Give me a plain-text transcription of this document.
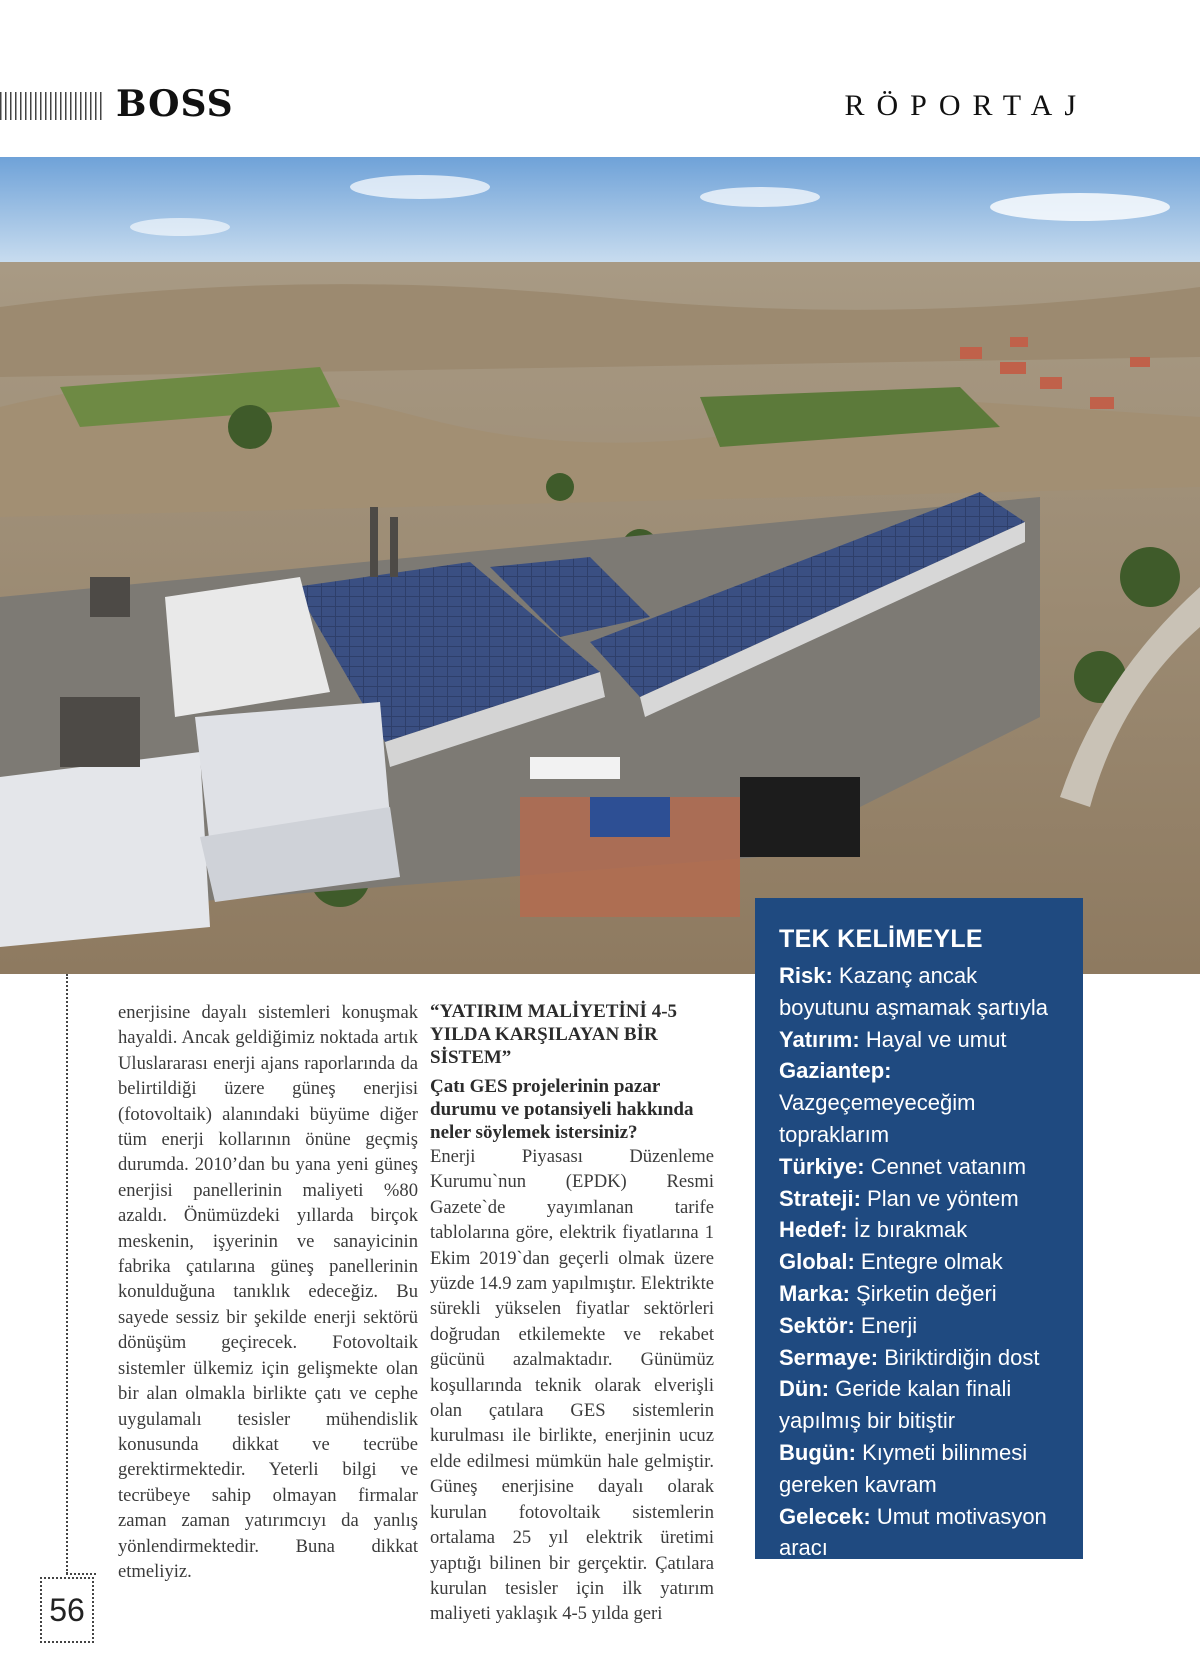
BOSS	RÖPORTAJ
56

enerjisine dayalı sistemleri konuşmak hayaldi. Ancak geldiğimiz noktada artık Uluslararası enerji ajans raporlarında da belirtildiği üzere güneş enerjisi (fotovoltaik) alanındaki büyüme diğer tüm enerji kollarının önüne geçmiş durumda. 2010’dan bu yana yeni güneş enerjisi panellerinin maliyeti %80 azaldı. Önümüzdeki yıllarda birçok meskenin, işyerinin ve sanayicinin fabrika çatılarına güneş panellerinin konulduğuna tanıklık edeceğiz. Bu sayede sessiz bir şekilde enerji sektörü dönüşüm geçirecek. Fotovoltaik sistemler ülkemiz için gelişmekte olan bir alan olmakla birlikte çatı ve cephe uygulamalı tesisler mühendislik konusunda dikkat ve tecrübe gerektirmektedir. Yeterli bilgi ve tecrübeye sahip olmayan firmalar zaman zaman yatırımcıyı da yanlış yönlendirmektedir. Buna dikkat etmeliyiz.

“YATIRIM MALİYETİNİ 4-5 YILDA KARŞILAYAN BİR SİSTEM”

Çatı GES projelerinin pazar durumu ve potansiyeli hakkında neler söylemek istersiniz?

Enerji Piyasası Düzenleme Kurumu`nun (EPDK) Resmi Gazete`de yayımlanan tarife tablolarına göre, elektrik fiyatlarına 1 Ekim 2019`dan geçerli olmak üzere yüzde 14.9 zam yapılmıştır. Elektrikte sürekli yükselen fiyatlar sektörleri doğrudan etkilemekte ve rekabet gücünü azalmaktadır. Günümüz koşullarında teknik olarak elverişli olan çatılara GES sistemlerin kurulması ile birlikte, enerjinin ucuz elde edilmesi mümkün hale gelmiştir. Güneş enerjisine dayalı olarak kurulan fotovoltaik sistemlerin ortalama 25 yıl elektrik üretimi yaptığı bilinen bir gerçektir. Çatılara kurulan tesisler için ilk yatırım maliyeti yaklaşık 4-5 yılda geri

TEK KELİMEYLE
Risk: Kazanç ancak boyutunu aşmamak şartıyla
Yatırım: Hayal ve umut
Gaziantep: Vazgeçemeyeceğim topraklarım
Türkiye: Cennet vatanım
Strateji: Plan ve yöntem
Hedef: İz bırakmak
Global: Entegre olmak
Marka: Şirketin değeri
Sektör: Enerji
Sermaye: Biriktirdiğin dost
Dün: Geride kalan finali yapılmış bir bitiştir
Bugün: Kıymeti bilinmesi gereken kavram
Gelecek: Umut motivasyon aracı
Mutluluk: Aile
